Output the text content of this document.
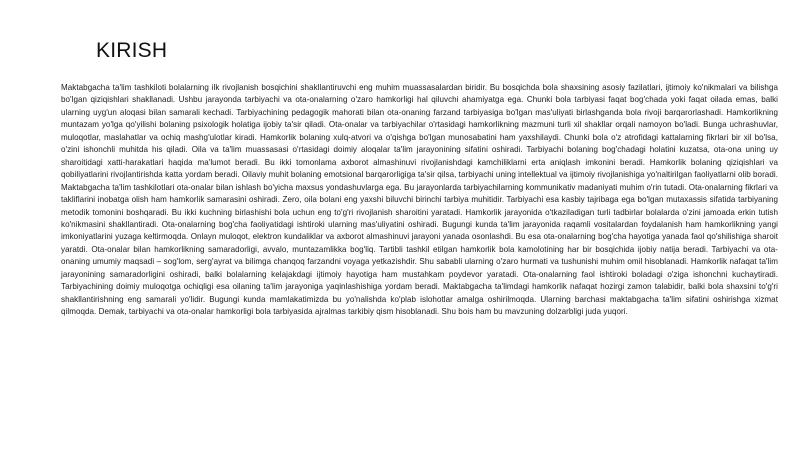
KIRISH

Maktabgacha ta'lim tashkiloti bolalarning ilk rivojlanish bosqichini shakllantiruvchi eng muhim muassasalardan biridir. Bu bosqichda bola shaxsining asosiy fazilatlari, ijtimoiy ko'nikmalari va bilishga bo'lgan qiziqishlari shakllanadi. Ushbu jarayonda tarbiyachi va ota-onalarning o'zaro hamkorligi hal qiluvchi ahamiyatga ega. Chunki bola tarbiyasi faqat bog'chada yoki faqat oilada emas, balki ularning uyg'un aloqasi bilan samarali kechadi. Tarbiyachining pedagogik mahorati bilan ota-onaning farzand tarbiyasiga bo'lgan mas'uliyati birlashganda bola rivoji barqarorlashadi. Hamkorlikning muntazam yo'lga qo'yilishi bolaning psixologik holatiga ijobiy ta'sir qiladi. Ota-onalar va tarbiyachilar o'rtasidagi hamkorlikning mazmuni turli xil shakllar orqali namoyon bo'ladi. Bunga uchrashuvlar, muloqotlar, maslahatlar va ochiq mashg'ulotlar kiradi. Hamkorlik bolaning xulq-atvori va o'qishga bo'lgan munosabatini ham yaxshilaydi. Chunki bola o'z atrofidagi kattalarning fikrlari bir xil bo'lsa, o'zini ishonchli muhitda his qiladi. Oila va ta'lim muassasasi o'rtasidagi doimiy aloqalar ta'lim jarayonining sifatini oshiradi. Tarbiyachi bolaning bog'chadagi holatini kuzatsa, ota-ona uning uy sharoitidagi xatti-harakatlari haqida ma'lumot beradi. Bu ikki tomonlama axborot almashinuvi rivojlanishdagi kamchiliklarni erta aniqlash imkonini beradi. Hamkorlik bolaning qiziqishlari va qobiliyatlarini rivojlantirishda katta yordam beradi. Oilaviy muhit bolaning emotsional barqarorligiga ta'sir qilsa, tarbiyachi uning intellektual va ijtimoiy rivojlanishiga yo'naltirilgan faoliyatlarni olib boradi. Maktabgacha ta'lim tashkilotlari ota-onalar bilan ishlash bo'yicha maxsus yondashuvlarga ega. Bu jarayonlarda tarbiyachilarning kommunikativ madaniyati muhim o'rin tutadi. Ota-onalarning fikrlari va takliflarini inobatga olish ham hamkorlik samarasini oshiradi. Zero, oila bolani eng yaxshi biluvchi birinchi tarbiya muhitidir. Tarbiyachi esa kasbiy tajribaga ega bo'lgan mutaxassis sifatida tarbiyaning metodik tomonini boshqaradi. Bu ikki kuchning birlashishi bola uchun eng to'g'ri rivojlanish sharoitini yaratadi. Hamkorlik jarayonida o'tkaziladigan turli tadbirlar bolalarda o'zini jamoada erkin tutish ko'nikmasini shakllantiradi. Ota-onalarning bog'cha faoliyatidagi ishtiroki ularning mas'uliyatini oshiradi. Bugungi kunda ta'lim jarayonida raqamli vositalardan foydalanish ham hamkorlikning yangi imkoniyatlarini yuzaga keltirmoqda. Onlayn muloqot, elektron kundaliklar va axborot almashinuvi jarayoni yanada osonlashdi. Bu esa ota-onalarning bog'cha hayotiga yanada faol qo'shilishiga sharoit yaratdi. Ota-onalar bilan hamkorlikning samaradorligi, avvalo, muntazamlikka bog'liq. Tartibli tashkil etilgan hamkorlik bola kamolotining har bir bosqichida ijobiy natija beradi. Tarbiyachi va ota-onaning umumiy maqsadi – sog'lom, serg'ayrat va bilimga chanqoq farzandni voyaga yetkazishdir. Shu sababli ularning o'zaro hurmati va tushunishi muhim omil hisoblanadi. Hamkorlik nafaqat ta'lim jarayonining samaradorligini oshiradi, balki bolalarning kelajakdagi ijtimoiy hayotiga ham mustahkam poydevor yaratadi. Ota-onalarning faol ishtiroki boladagi o'ziga ishonchni kuchaytiradi. Tarbiyachining doimiy muloqotga ochiqligi esa oilaning ta'lim jarayoniga yaqinlashishiga yordam beradi. Maktabgacha ta'limdagi hamkorlik nafaqat hozirgi zamon talabidir, balki bola shaxsini to'g'ri shakllantirishning eng samarali yo'lidir. Bugungi kunda mamlakatimizda bu yo'nalishda ko'plab islohotlar amalga oshirilmoqda. Ularning barchasi maktabgacha ta'lim sifatini oshirishga xizmat qilmoqda. Demak, tarbiyachi va ota-onalar hamkorligi bola tarbiyasida ajralmas tarkibiy qism hisoblanadi. Shu bois ham bu mavzuning dolzarbligi juda yuqori.
